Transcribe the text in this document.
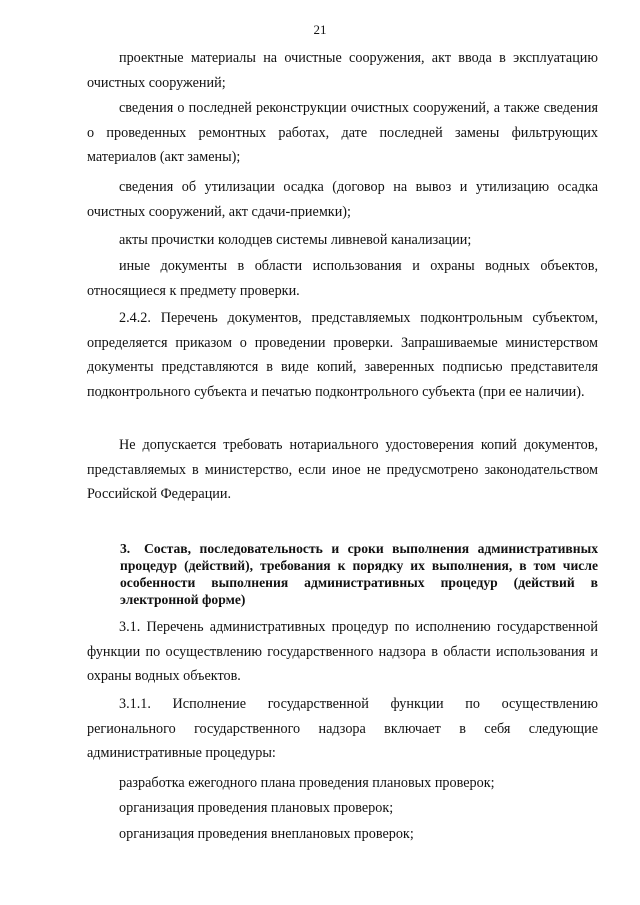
21

проектные материалы на очистные сооружения, акт ввода в эксплуатацию очистных сооружений;

сведения о последней реконструкции очистных сооружений, а также сведения о проведенных ремонтных работах, дате последней замены фильтрующих материалов (акт замены);

сведения об утилизации осадка (договор на вывоз и утилизацию осадка очистных сооружений, акт сдачи-приемки);

акты прочистки колодцев системы ливневой канализации;

иные документы в области использования и охраны водных объектов, относящиеся к предмету проверки.

2.4.2. Перечень документов, представляемых подконтрольным субъектом, определяется приказом о проведении проверки. Запрашиваемые министерством документы представляются в виде копий, заверенных подписью представителя подконтрольного субъекта и печатью подконтрольного субъекта (при ее наличии).

Не допускается требовать нотариального удостоверения копий документов, представляемых в министерство, если иное не предусмотрено законодательством Российской Федерации.

3. Состав, последовательность и сроки выполнения административных процедур (действий), требования к порядку их выполнения, в том числе особенности выполнения административных процедур (действий в электронной форме)

3.1. Перечень административных процедур по исполнению государственной функции по осуществлению государственного надзора в области использования и охраны водных объектов.

3.1.1. Исполнение государственной функции по осуществлению регионального государственного надзора включает в себя следующие административные процедуры:

разработка ежегодного плана проведения плановых проверок;

организация проведения плановых проверок;

организация проведения внеплановых проверок;
